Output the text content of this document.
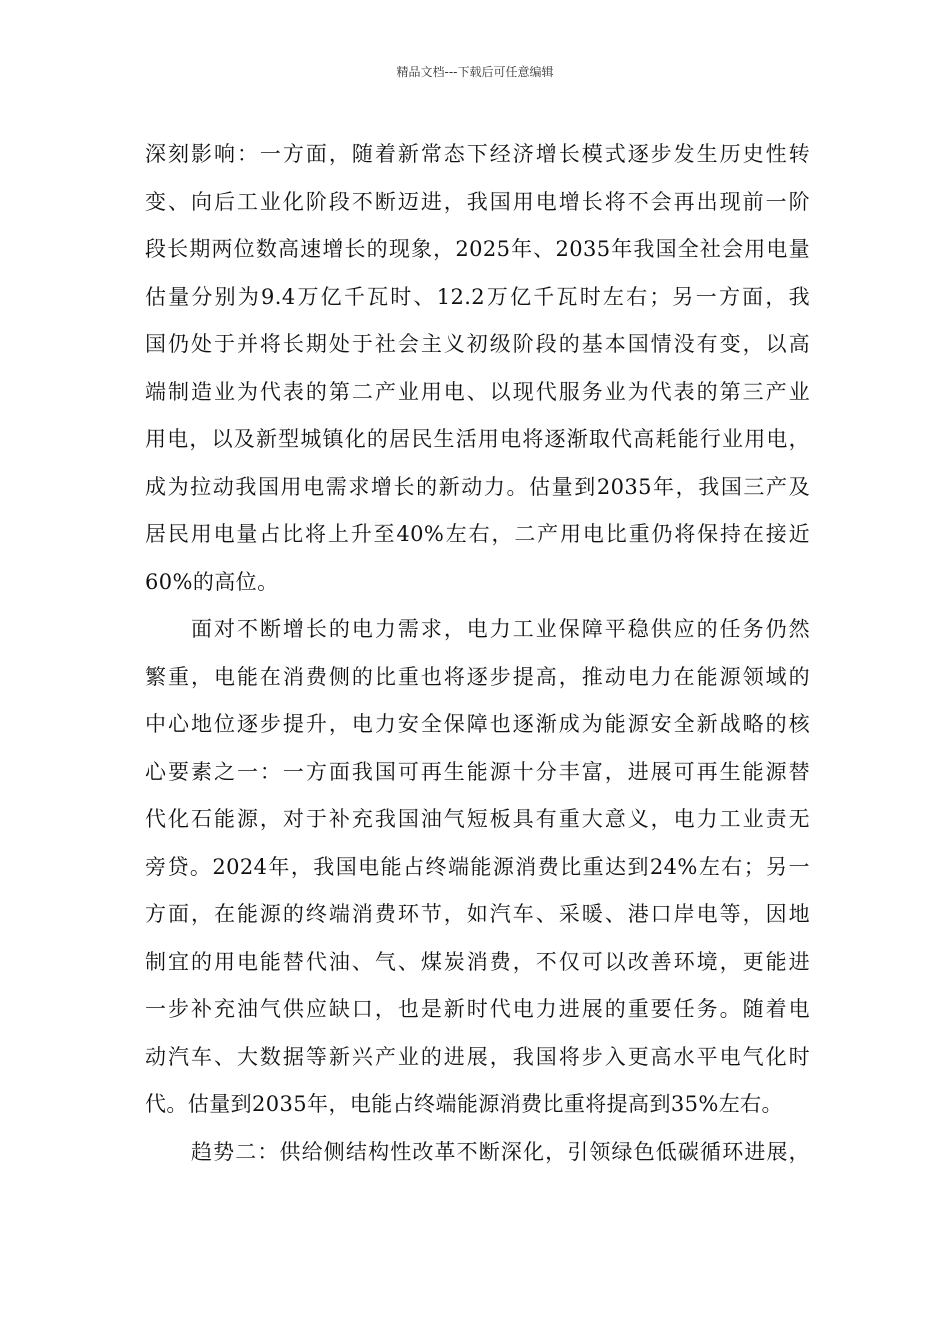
精品文档---下载后可任意编辑
深刻影响：一方面，随着新常态下经济增长模式逐步发生历史性转
变、向后工业化阶段不断迈进，我国用电增长将不会再出现前一阶
段长期两位数高速增长的现象，2025年、2035年我国全社会用电量
估量分别为9.4万亿千瓦时、12.2万亿千瓦时左右；另一方面，我
国仍处于并将长期处于社会主义初级阶段的基本国情没有变，以高
端制造业为代表的第二产业用电、以现代服务业为代表的第三产业
用电，以及新型城镇化的居民生活用电将逐渐取代高耗能行业用电，
成为拉动我国用电需求增长的新动力。估量到2035年，我国三产及
居民用电量占比将上升至40%左右，二产用电比重仍将保持在接近
60%的高位。
面对不断增长的电力需求，电力工业保障平稳供应的任务仍然
繁重，电能在消费侧的比重也将逐步提高，推动电力在能源领域的
中心地位逐步提升，电力安全保障也逐渐成为能源安全新战略的核
心要素之一：一方面我国可再生能源十分丰富，进展可再生能源替
代化石能源，对于补充我国油气短板具有重大意义，电力工业责无
旁贷。2024年，我国电能占终端能源消费比重达到24%左右；另一
方面，在能源的终端消费环节，如汽车、采暖、港口岸电等，因地
制宜的用电能替代油、气、煤炭消费，不仅可以改善环境，更能进
一步补充油气供应缺口，也是新时代电力进展的重要任务。随着电
动汽车、大数据等新兴产业的进展，我国将步入更高水平电气化时
代。估量到2035年，电能占终端能源消费比重将提高到35%左右。
趋势二：供给侧结构性改革不断深化，引领绿色低碳循环进展，
